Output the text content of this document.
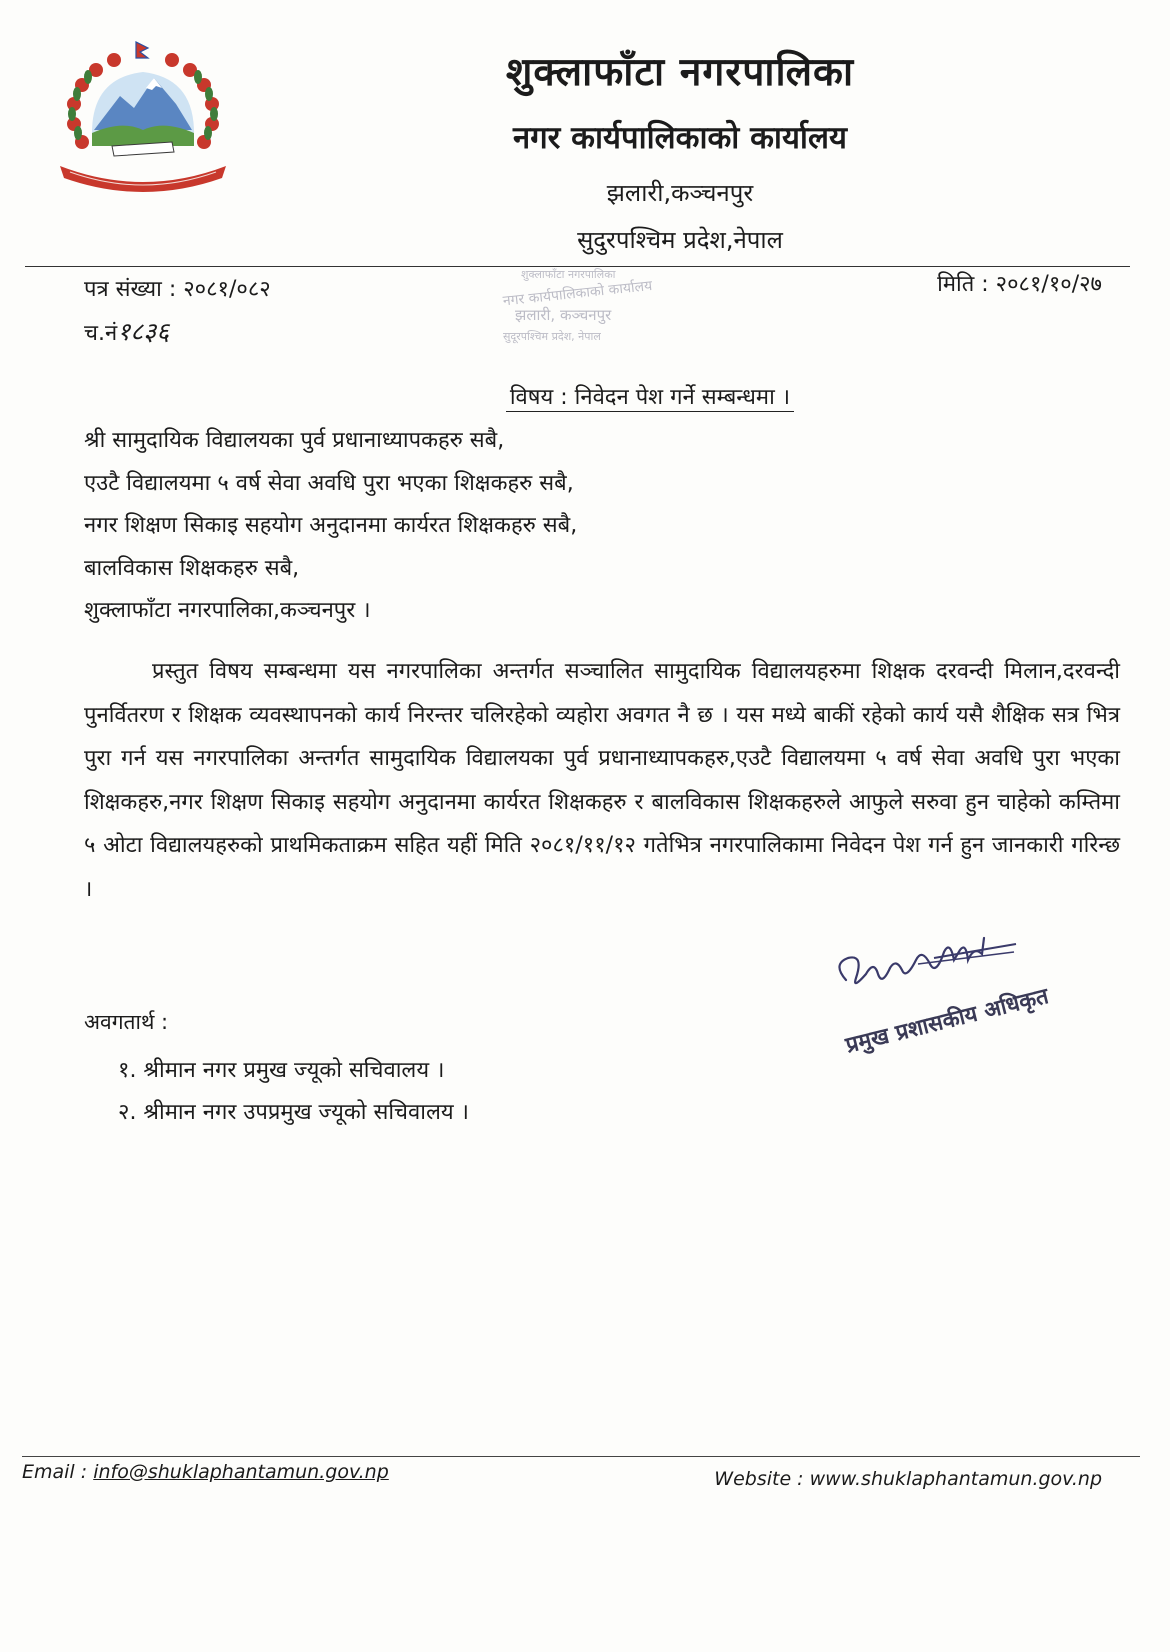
शुक्लाफाँटा नगरपालिका
नगर कार्यपालिकाको कार्यालय
झलारी,कञ्चनपुर
सुदुरपश्चिम प्रदेश,नेपाल
पत्र संख्या : २०८१/०८२
च.नं१८३६
मिति : २०८१/१०/२७
शुक्लाफाँटा नगरपालिका
नगर कार्यपालिकाको कार्यालय
झलारी, कञ्चनपुर
सुदूरपश्चिम प्रदेश, नेपाल
विषय : निवेदन पेश गर्ने सम्बन्धमा ।
श्री सामुदायिक विद्यालयका पुर्व प्रधानाध्यापकहरु सबै,
एउटै विद्यालयमा ५ वर्ष सेवा अवधि पुरा भएका शिक्षकहरु सबै,
नगर शिक्षण सिकाइ सहयोग अनुदानमा कार्यरत शिक्षकहरु सबै,
बालविकास शिक्षकहरु सबै,
शुक्लाफाँटा नगरपालिका,कञ्चनपुर ।

प्रस्तुत विषय सम्बन्धमा यस नगरपालिका अन्तर्गत सञ्चालित सामुदायिक विद्यालयहरुमा शिक्षक दरवन्दी मिलान,दरवन्दी पुनर्वितरण र शिक्षक व्यवस्थापनको कार्य निरन्तर चलिरहेको व्यहोरा अवगत नै छ । यस मध्ये बाकीं रहेको कार्य यसै शैक्षिक सत्र भित्र पुरा गर्न यस नगरपालिका अन्तर्गत सामुदायिक विद्यालयका पुर्व प्रधानाध्यापकहरु,एउटै विद्यालयमा ५ वर्ष सेवा अवधि पुरा भएका शिक्षकहरु,नगर शिक्षण सिकाइ सहयोग अनुदानमा कार्यरत शिक्षकहरु र बालविकास शिक्षकहरुले आफुले सरुवा हुन चाहेको कम्तिमा ५ ओटा विद्यालयहरुको प्राथमिकताक्रम सहित यहीं मिति २०८१/११/१२ गतेभित्र नगरपालिकामा निवेदन पेश गर्न हुन जानकारी गरिन्छ ।

प्रमुख प्रशासकीय अधिकृत
अवगतार्थ :
१. श्रीमान नगर प्रमुख ज्यूको सचिवालय ।
२. श्रीमान नगर उपप्रमुख ज्यूको सचिवालय ।
Email : info@shuklaphantamun.gov.np	Website : www.shuklaphantamun.gov.np
